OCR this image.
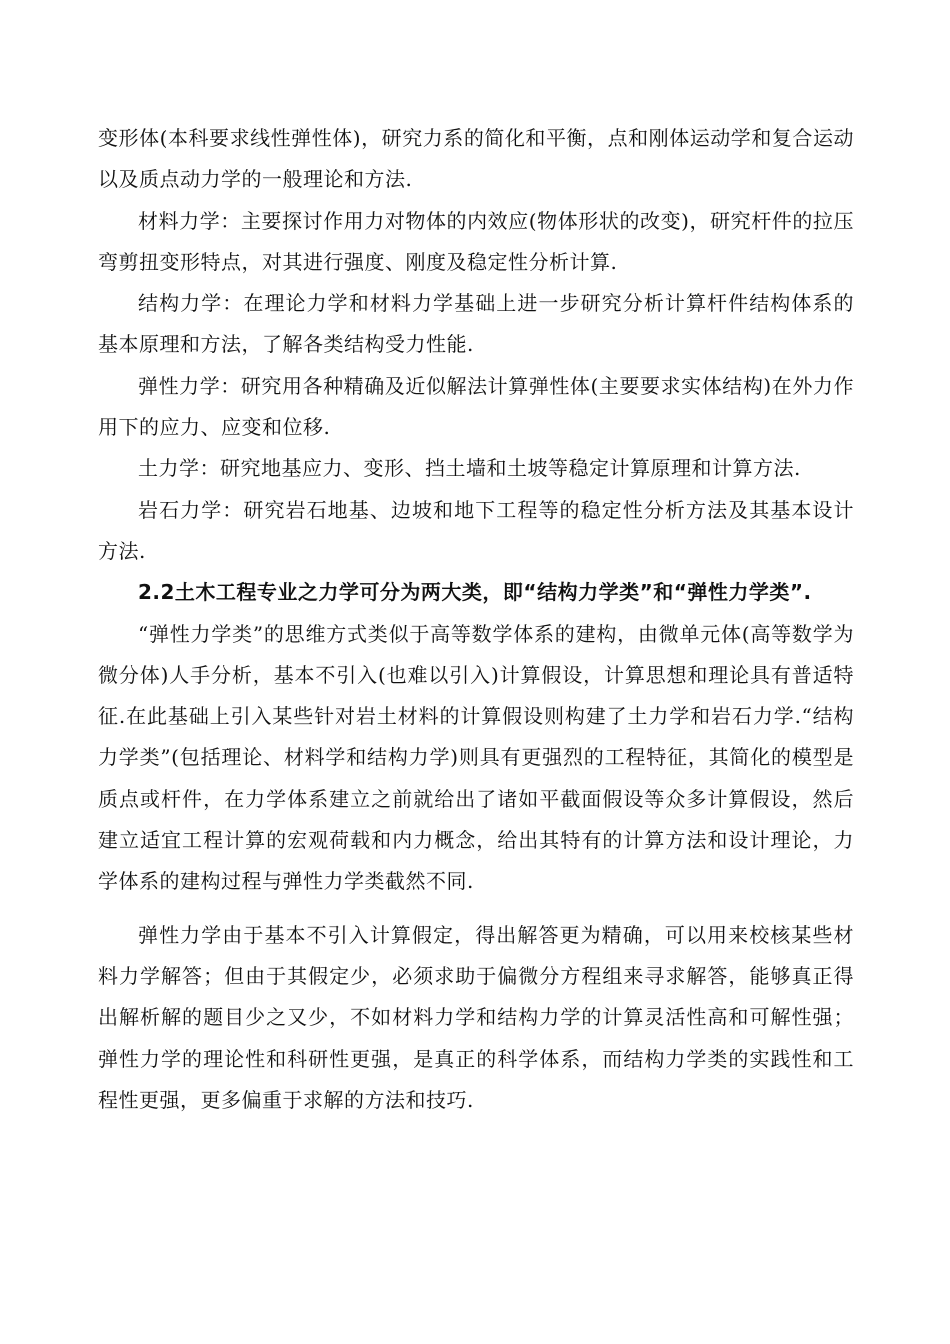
变形体(本科要求线性弹性体)，研究力系的简化和平衡，点和刚体运动学和复合运动以及质点动力学的一般理论和方法.

材料力学：主要探讨作用力对物体的内效应(物体形状的改变)，研究杆件的拉压弯剪扭变形特点，对其进行强度、刚度及稳定性分析计算.

结构力学：在理论力学和材料力学基础上进一步研究分析计算杆件结构体系的基本原理和方法，了解各类结构受力性能.

弹性力学：研究用各种精确及近似解法计算弹性体(主要要求实体结构)在外力作用下的应力、应变和位移.

土力学：研究地基应力、变形、挡土墙和土坡等稳定计算原理和计算方法.

岩石力学：研究岩石地基、边坡和地下工程等的稳定性分析方法及其基本设计方法.

2.2土木工程专业之力学可分为两大类，即“结构力学类”和“弹性力学类”.

“弹性力学类”的思维方式类似于高等数学体系的建构，由微单元体(高等数学为微分体)人手分析，基本不引入(也难以引入)计算假设，计算思想和理论具有普适特征.在此基础上引入某些针对岩土材料的计算假设则构建了土力学和岩石力学.“结构力学类”(包括理论、材料学和结构力学)则具有更强烈的工程特征，其简化的模型是质点或杆件，在力学体系建立之前就给出了诸如平截面假设等众多计算假设，然后建立适宜工程计算的宏观荷载和内力概念，给出其特有的计算方法和设计理论，力学体系的建构过程与弹性力学类截然不同.

弹性力学由于基本不引入计算假定，得出解答更为精确，可以用来校核某些材料力学解答；但由于其假定少，必须求助于偏微分方程组来寻求解答，能够真正得出解析解的题目少之又少，不如材料力学和结构力学的计算灵活性高和可解性强；弹性力学的理论性和科研性更强，是真正的科学体系，而结构力学类的实践性和工程性更强，更多偏重于求解的方法和技巧.
